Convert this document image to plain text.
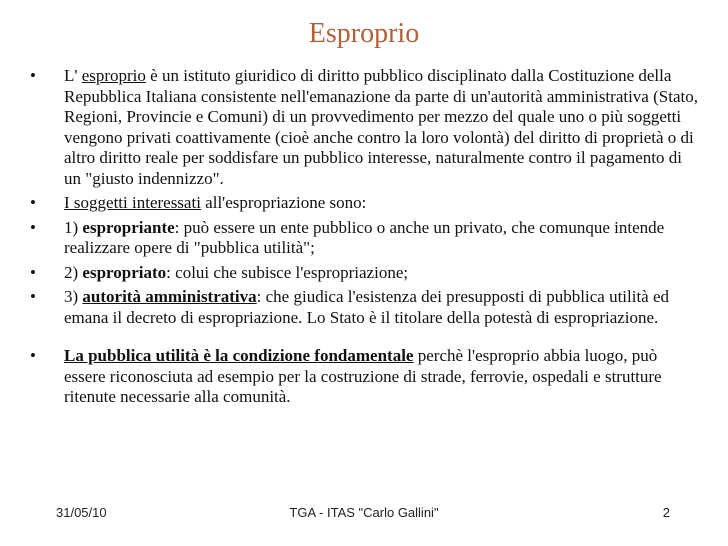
Esproprio
• L' esproprio è un istituto giuridico di diritto pubblico disciplinato dalla Costituzione della Repubblica Italiana consistente nell'emanazione da parte di un'autorità amministrativa (Stato, Regioni, Provincie e Comuni) di un provvedimento per mezzo del quale uno o più soggetti vengono privati coattivamente (cioè anche contro la loro volontà) del diritto di proprietà o di altro diritto reale per soddisfare un pubblico interesse, naturalmente contro il pagamento di un "giusto indennizzo".
• I soggetti interessati all'espropriazione sono:
• 1) espropriante: può essere un ente pubblico o anche un privato, che comunque intende realizzare opere di "pubblica utilità";
• 2) espropriato: colui che subisce l'espropriazione;
• 3) autorità amministrativa: che giudica l'esistenza dei presupposti di pubblica utilità ed emana il decreto di espropriazione. Lo Stato è il titolare della potestà di espropriazione.
• La pubblica utilità è la condizione fondamentale perchè l'esproprio abbia luogo, può essere riconosciuta ad esempio per la costruzione di strade, ferrovie, ospedali e strutture ritenute necessarie alla comunità.
31/05/10	TGA - ITAS "Carlo Gallini"	2
